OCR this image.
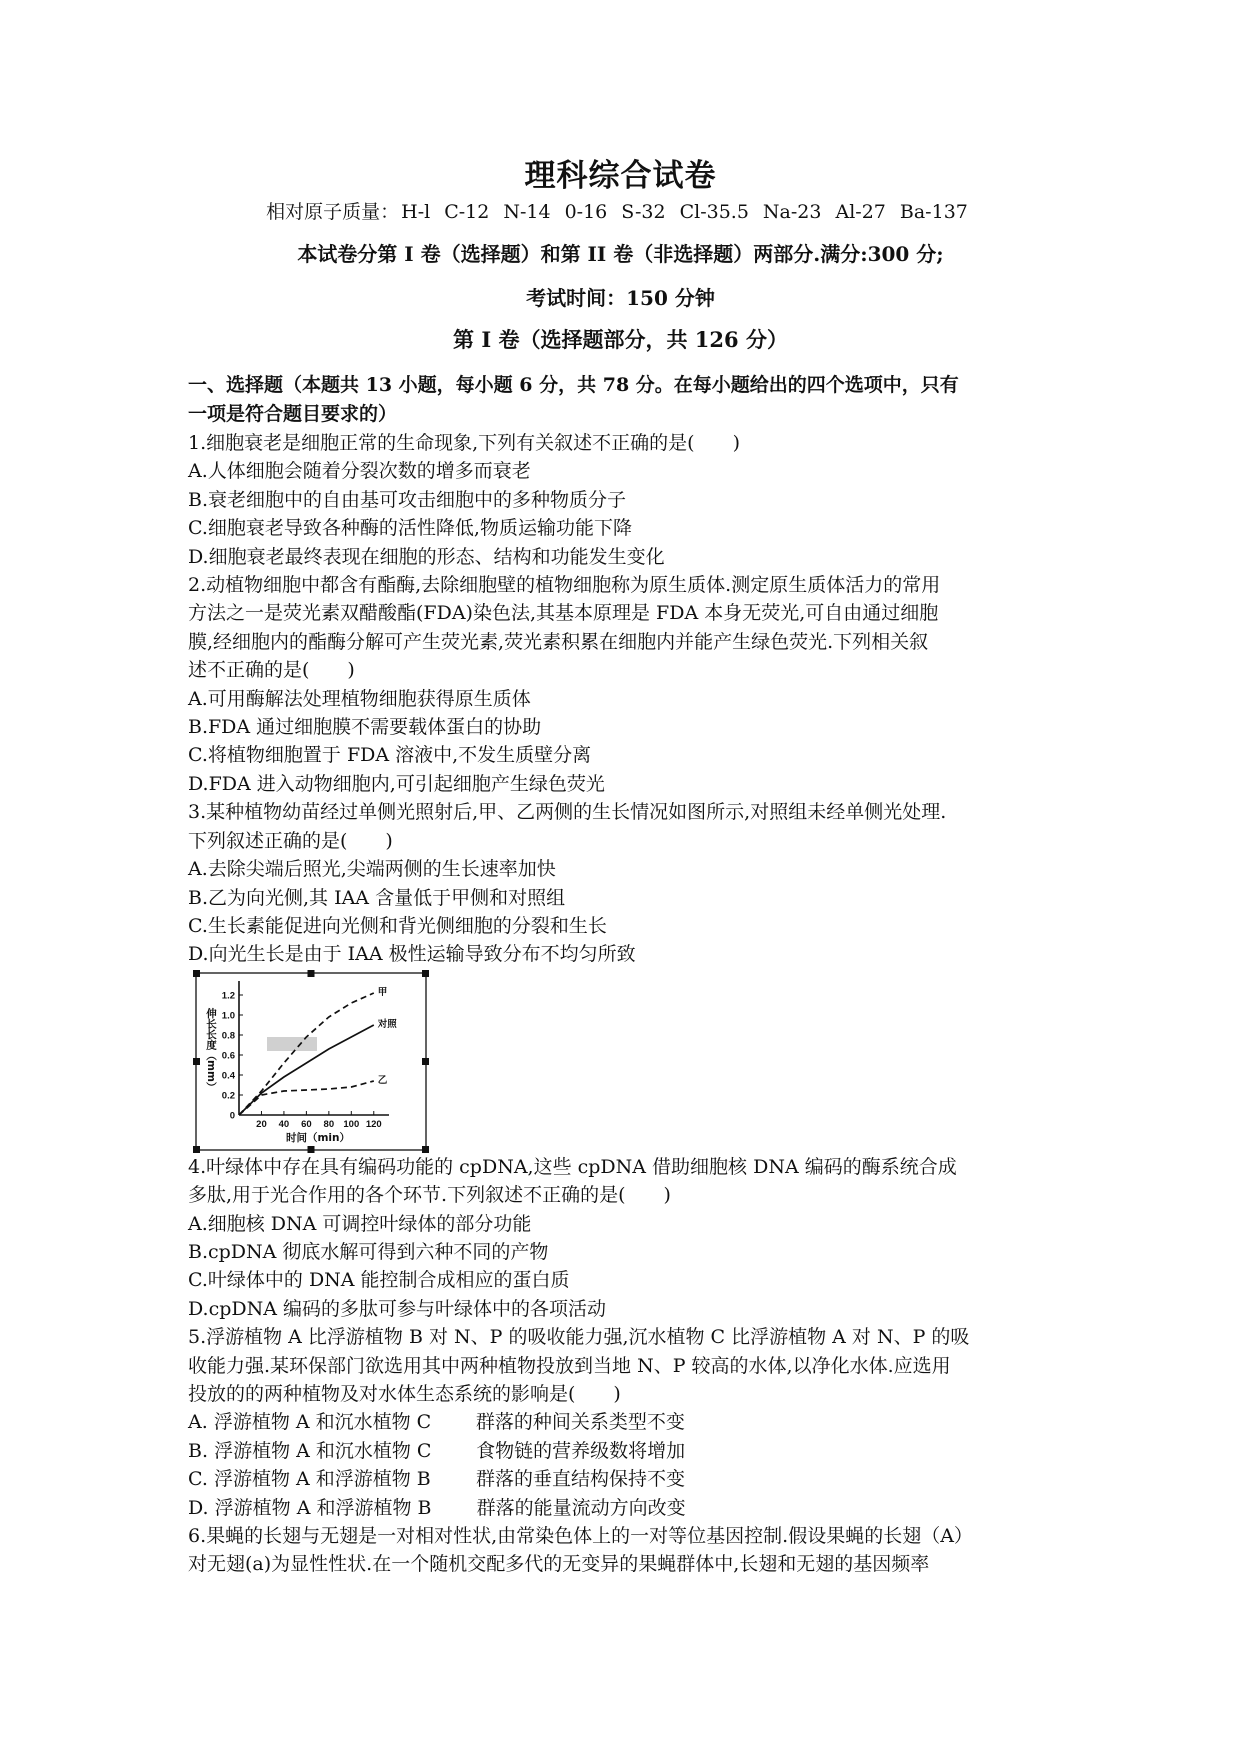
理科综合试卷
相对原子质量： H-l C-12 N-14 0-16 S-32 Cl-35.5 Na-23 Al-27 Ba-137
本试卷分第 I 卷（选择题）和第 II 卷（非选择题）两部分.满分:300 分;
考试时间：150 分钟
第 I 卷（选择题部分，共 126 分）
一、选择题（本题共 13 小题，每小题 6 分，共 78 分。在每小题给出的四个选项中，只有
一项是符合题目要求的）
1.细胞衰老是细胞正常的生命现象,下列有关叙述不正确的是(　　)
A.人体细胞会随着分裂次数的增多而衰老
B.衰老细胞中的自由基可攻击细胞中的多种物质分子
C.细胞衰老导致各种酶的活性降低,物质运输功能下降
D.细胞衰老最终表现在细胞的形态、结构和功能发生变化
2.动植物细胞中都含有酯酶,去除细胞壁的植物细胞称为原生质体.测定原生质体活力的常用
方法之一是荧光素双醋酸酯(FDA)染色法,其基本原理是 FDA 本身无荧光,可自由通过细胞
膜,经细胞内的酯酶分解可产生荧光素,荧光素积累在细胞内并能产生绿色荧光.下列相关叙
述不正确的是(　　)
A.可用酶解法处理植物细胞获得原生质体
B.FDA 通过细胞膜不需要载体蛋白的协助
C.将植物细胞置于 FDA 溶液中,不发生质壁分离
D.FDA 进入动物细胞内,可引起细胞产生绿色荧光
3.某种植物幼苗经过单侧光照射后,甲、乙两侧的生长情况如图所示,对照组未经单侧光处理.
下列叙述正确的是(　　)
A.去除尖端后照光,尖端两侧的生长速率加快
B.乙为向光侧,其 IAA 含量低于甲侧和对照组
C.生长素能促进向光侧和背光侧细胞的分裂和生长
D.向光生长是由于 IAA 极性运输导致分布不均匀所致
0
0.2
0.4
0.6
0.8
1.0
1.2
20 40 60 80 100 120
时间（min）
伸长长度（mm）
甲
对照
乙
4.叶绿体中存在具有编码功能的 cpDNA,这些 cpDNA 借助细胞核 DNA 编码的酶系统合成
多肽,用于光合作用的各个环节.下列叙述不正确的是(　　)
A.细胞核 DNA 可调控叶绿体的部分功能
B.cpDNA 彻底水解可得到六种不同的产物
C.叶绿体中的 DNA 能控制合成相应的蛋白质
D.cpDNA 编码的多肽可参与叶绿体中的各项活动
5.浮游植物 A 比浮游植物 B 对 N、P 的吸收能力强,沉水植物 C 比浮游植物 A 对 N、P 的吸
收能力强.某环保部门欲选用其中两种植物投放到当地 N、P 较高的水体,以净化水体.应选用
投放的的两种植物及对水体生态系统的影响是(　　)
A. 浮游植物 A 和沉水植物 C 群落的种间关系类型不变
B. 浮游植物 A 和沉水植物 C 食物链的营养级数将增加
C. 浮游植物 A 和浮游植物 B 群落的垂直结构保持不变
D. 浮游植物 A 和浮游植物 B 群落的能量流动方向改变
6.果蝇的长翅与无翅是一对相对性状,由常染色体上的一对等位基因控制.假设果蝇的长翅（A）
对无翅(a)为显性性状.在一个随机交配多代的无变异的果蝇群体中,长翅和无翅的基因频率
